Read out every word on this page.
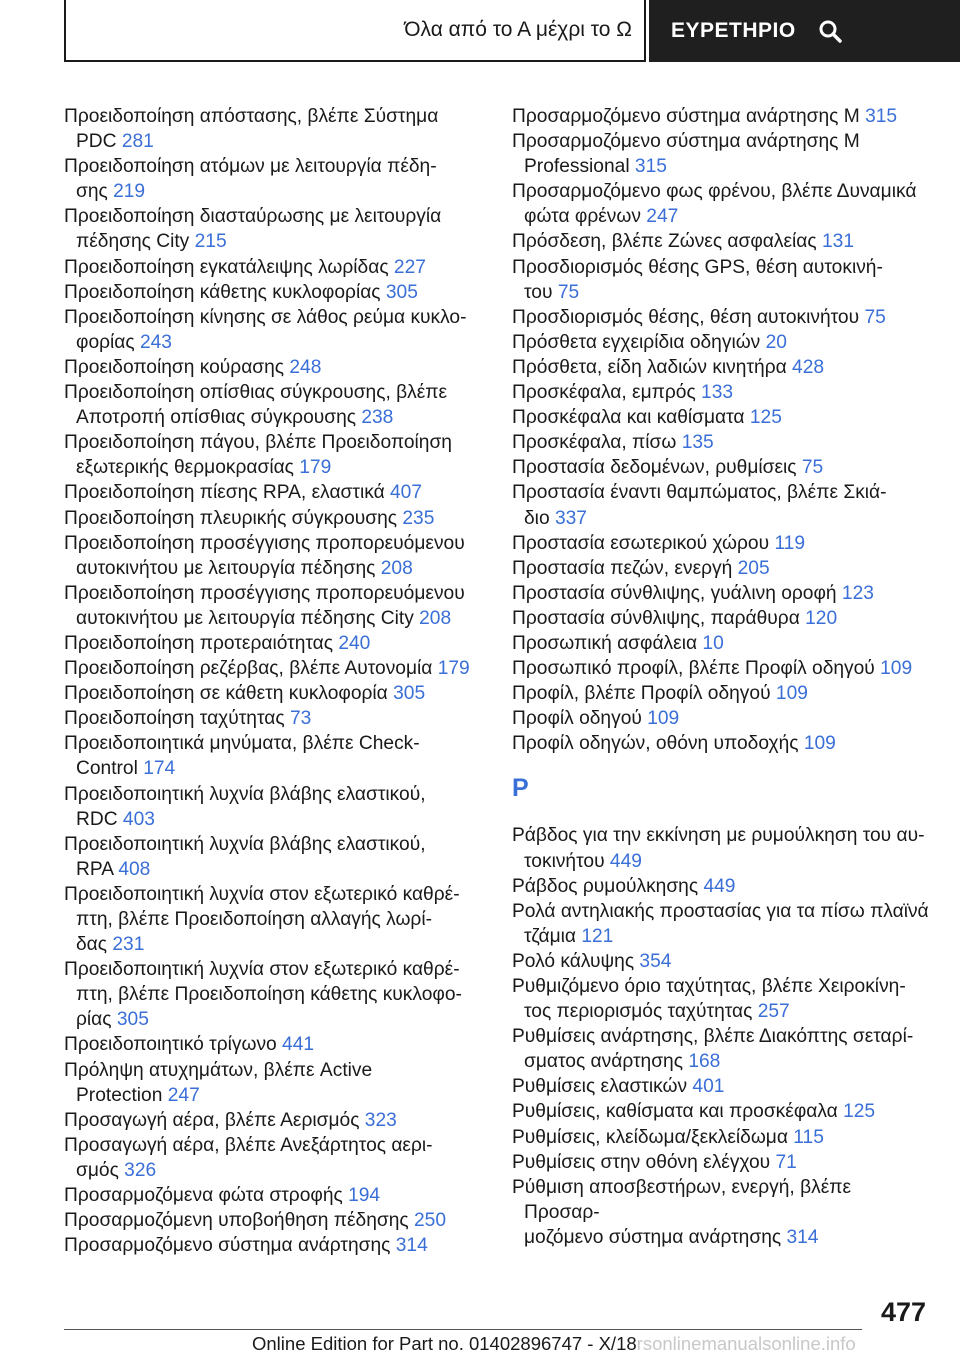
Όλα από το Α μέχρι το Ω ΕΥΡΕΤΗΡΙΟ
Προειδοποίηση απόστασης, βλέπε Σύστημα
PDC 281
Προειδοποίηση ατόμων με λειτουργία πέδη-
σης 219
Προειδοποίηση διασταύρωσης με λειτουργία
πέδησης City 215
Προειδοποίηση εγκατάλειψης λωρίδας 227
Προειδοποίηση κάθετης κυκλοφορίας 305
Προειδοποίηση κίνησης σε λάθος ρεύμα κυκλο-
φορίας 243
Προειδοποίηση κούρασης 248
Προειδοποίηση οπίσθιας σύγκρουσης, βλέπε
Αποτροπή οπίσθιας σύγκρουσης 238
Προειδοποίηση πάγου, βλέπε Προειδοποίηση
εξωτερικής θερμοκρασίας 179
Προειδοποίηση πίεσης RPA, ελαστικά 407
Προειδοποίηση πλευρικής σύγκρουσης 235
Προειδοποίηση προσέγγισης προπορευόμενου
αυτοκινήτου με λειτουργία πέδησης 208
Προειδοποίηση προσέγγισης προπορευόμενου
αυτοκινήτου με λειτουργία πέδησης City 208
Προειδοποίηση προτεραιότητας 240
Προειδοποίηση ρεζέρβας, βλέπε Αυτονομία 179
Προειδοποίηση σε κάθετη κυκλοφορία 305
Προειδοποίηση ταχύτητας 73
Προειδοποιητικά μηνύματα, βλέπε Check-
Control 174
Προειδοποιητική λυχνία βλάβης ελαστικού,
RDC 403
Προειδοποιητική λυχνία βλάβης ελαστικού,
RPA 408
Προειδοποιητική λυχνία στον εξωτερικό καθρέ-
πτη, βλέπε Προειδοποίηση αλλαγής λωρί-
δας 231
Προειδοποιητική λυχνία στον εξωτερικό καθρέ-
πτη, βλέπε Προειδοποίηση κάθετης κυκλοφο-
ρίας 305
Προειδοποιητικό τρίγωνο 441
Πρόληψη ατυχημάτων, βλέπε Active
Protection 247
Προσαγωγή αέρα, βλέπε Αερισμός 323
Προσαγωγή αέρα, βλέπε Ανεξάρτητος αερι-
σμός 326
Προσαρμοζόμενα φώτα στροφής 194
Προσαρμοζόμενη υποβοήθηση πέδησης 250
Προσαρμοζόμενο σύστημα ανάρτησης 314
Προσαρμοζόμενο σύστημα ανάρτησης M 315
Προσαρμοζόμενο σύστημα ανάρτησης M
Professional 315
Προσαρμοζόμενο φως φρένου, βλέπε Δυναμικά
φώτα φρένων 247
Πρόσδεση, βλέπε Ζώνες ασφαλείας 131
Προσδιορισμός θέσης GPS, θέση αυτοκινή-
του 75
Προσδιορισμός θέσης, θέση αυτοκινήτου 75
Πρόσθετα εγχειρίδια οδηγιών 20
Πρόσθετα, είδη λαδιών κινητήρα 428
Προσκέφαλα, εμπρός 133
Προσκέφαλα και καθίσματα 125
Προσκέφαλα, πίσω 135
Προστασία δεδομένων, ρυθμίσεις 75
Προστασία έναντι θαμπώματος, βλέπε Σκιά-
διο 337
Προστασία εσωτερικού χώρου 119
Προστασία πεζών, ενεργή 205
Προστασία σύνθλιψης, γυάλινη οροφή 123
Προστασία σύνθλιψης, παράθυρα 120
Προσωπική ασφάλεια 10
Προσωπικό προφίλ, βλέπε Προφίλ οδηγού 109
Προφίλ, βλέπε Προφίλ οδηγού 109
Προφίλ οδηγού 109
Προφίλ οδηγών, οθόνη υποδοχής 109
Ρ
Ράβδος για την εκκίνηση με ρυμούλκηση του αυ-
τοκινήτου 449
Ράβδος ρυμούλκησης 449
Ρολά αντηλιακής προστασίας για τα πίσω πλαϊνά
τζάμια 121
Ρολό κάλυψης 354
Ρυθμιζόμενο όριο ταχύτητας, βλέπε Χειροκίνη-
τος περιορισμός ταχύτητας 257
Ρυθμίσεις ανάρτησης, βλέπε Διακόπτης σεταρί-
σματος ανάρτησης 168
Ρυθμίσεις ελαστικών 401
Ρυθμίσεις, καθίσματα και προσκέφαλα 125
Ρυθμίσεις, κλείδωμα/ξεκλείδωμα 115
Ρυθμίσεις στην οθόνη ελέγχου 71
Ρύθμιση αποσβεστήρων, ενεργή, βλέπε Προσαρ-
μοζόμενο σύστημα ανάρτησης 314
477
Online Edition for Part no. 01402896747 - X/18rsonlinemanualsonline.info
